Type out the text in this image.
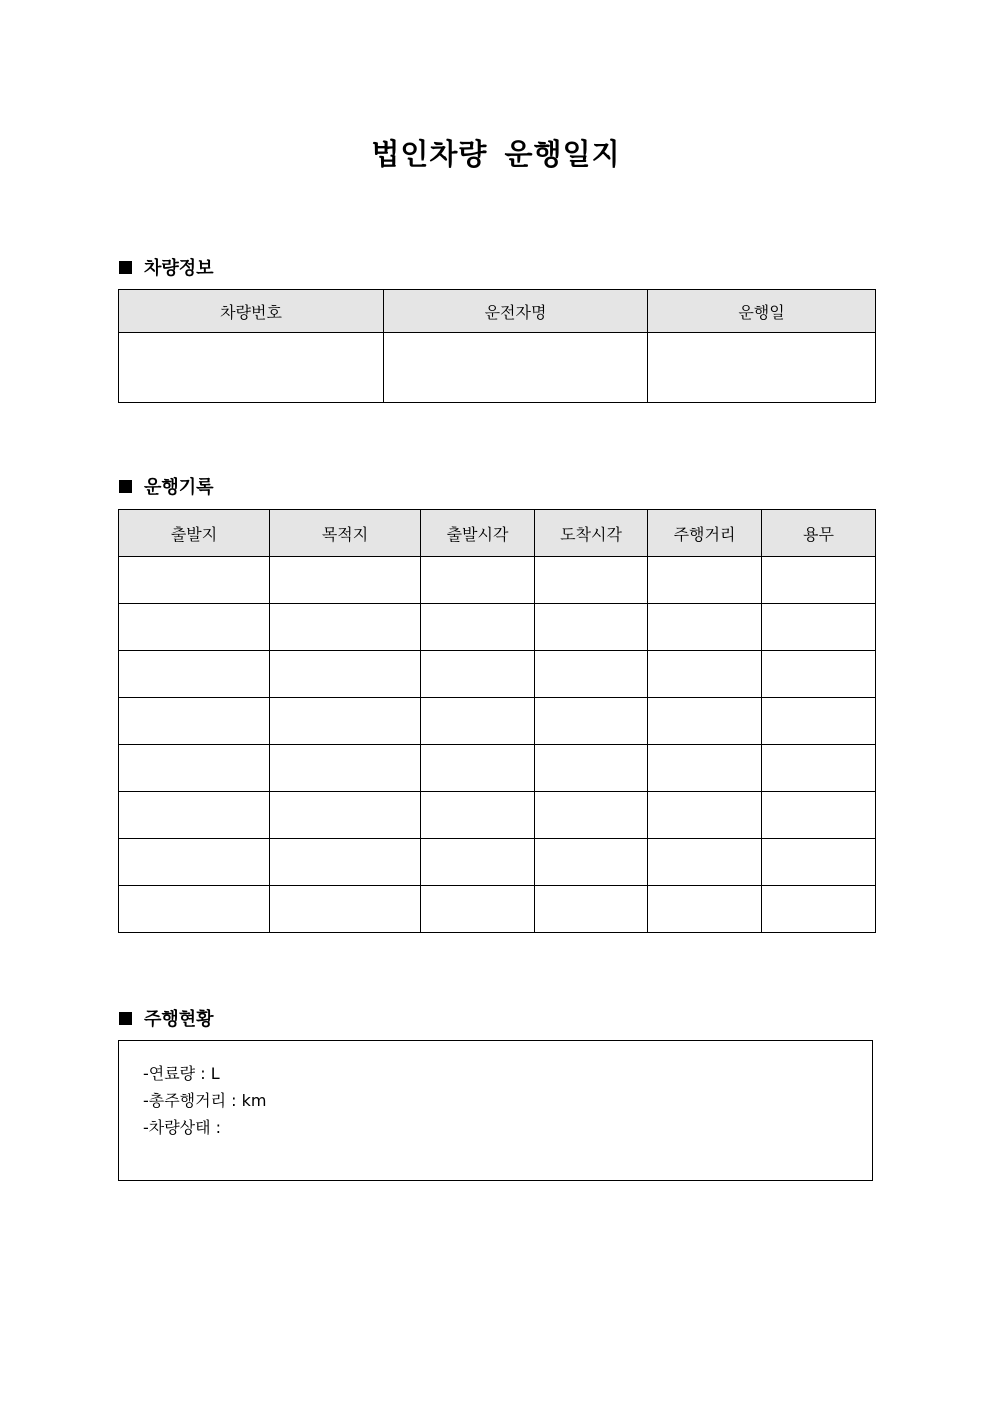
법인차량 운행일지
차량정보
차량번호	운전자명	운행일

운행기록
출발지	목적지	출발시각	도착시각	주행거리	용무

주행현황
-연료량 : L
-총주행거리 : km
-차량상태 :
